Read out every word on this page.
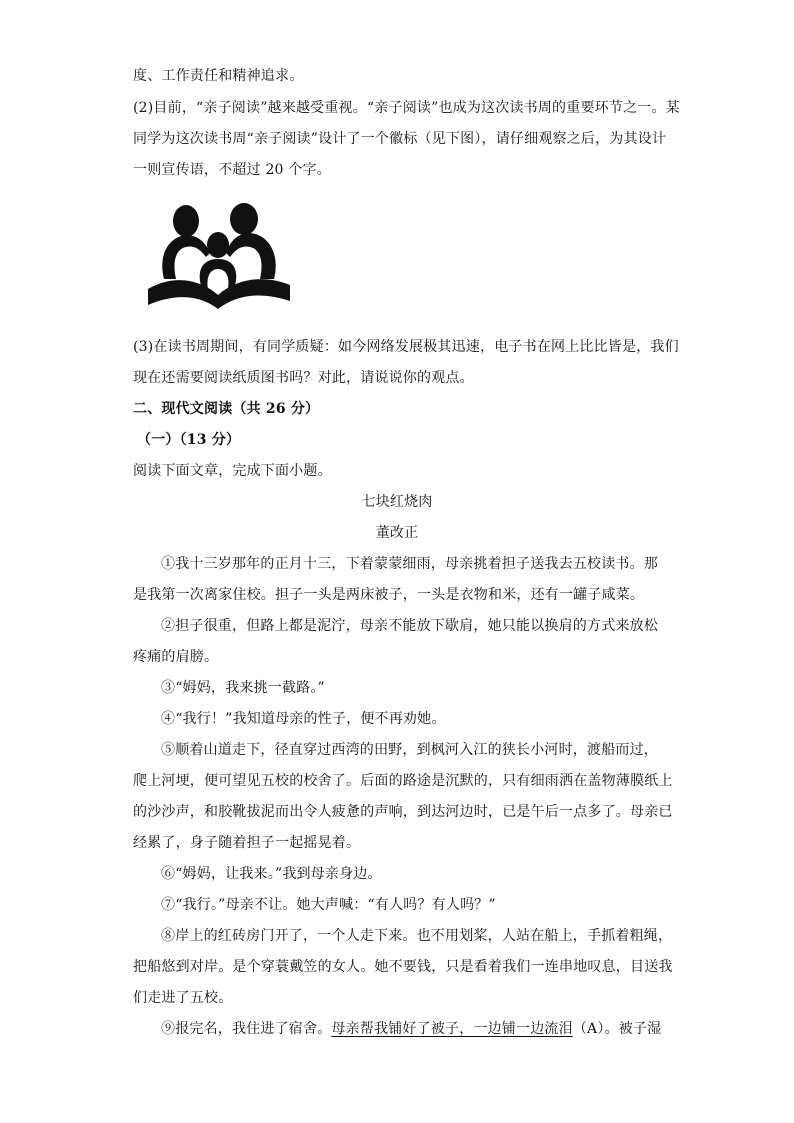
度、工作责任和精神追求。
(2)目前，“亲子阅读”越来越受重视。“亲子阅读”也成为这次读书周的重要环节之一。某
同学为这次读书周“亲子阅读”设计了一个徽标（见下图），请仔细观察之后，为其设计
一则宣传语，不超过 20 个字。
(3)在读书周期间，有同学质疑：如今网络发展极其迅速，电子书在网上比比皆是，我们
现在还需要阅读纸质图书吗？对此，请说说你的观点。
二、现代文阅读（共 26 分）
（一）（13 分）
阅读下面文章，完成下面小题。
七块红烧肉
董改正
①我十三岁那年的正月十三，下着蒙蒙细雨，母亲挑着担子送我去五校读书。那
是我第一次离家住校。担子一头是两床被子，一头是衣物和米，还有一罐子咸菜。
②担子很重，但路上都是泥泞，母亲不能放下歇肩，她只能以换肩的方式来放松
疼痛的肩膀。
③“姆妈，我来挑一截路。”
④“我行！”我知道母亲的性子，便不再劝她。
⑤顺着山道走下，径直穿过西湾的田野，到枫河入江的狭长小河时，渡船而过，
爬上河埂，便可望见五校的校舍了。后面的路途是沉默的，只有细雨洒在盖物薄膜纸上
的沙沙声，和胶靴拔泥而出令人疲惫的声响，到达河边时，已是午后一点多了。母亲已
经累了，身子随着担子一起摇晃着。
⑥“姆妈，让我来。”我到母亲身边。
⑦“我行。”母亲不让。她大声喊：“有人吗？有人吗？”
⑧岸上的红砖房门开了，一个人走下来。也不用划桨，人站在船上，手抓着粗绳，
把船悠到对岸。是个穿蓑戴笠的女人。她不要钱，只是看着我们一连串地叹息，目送我
们走进了五校。
⑨报完名，我住进了宿舍。母亲帮我铺好了被子，一边铺一边流泪（A）。被子湿
